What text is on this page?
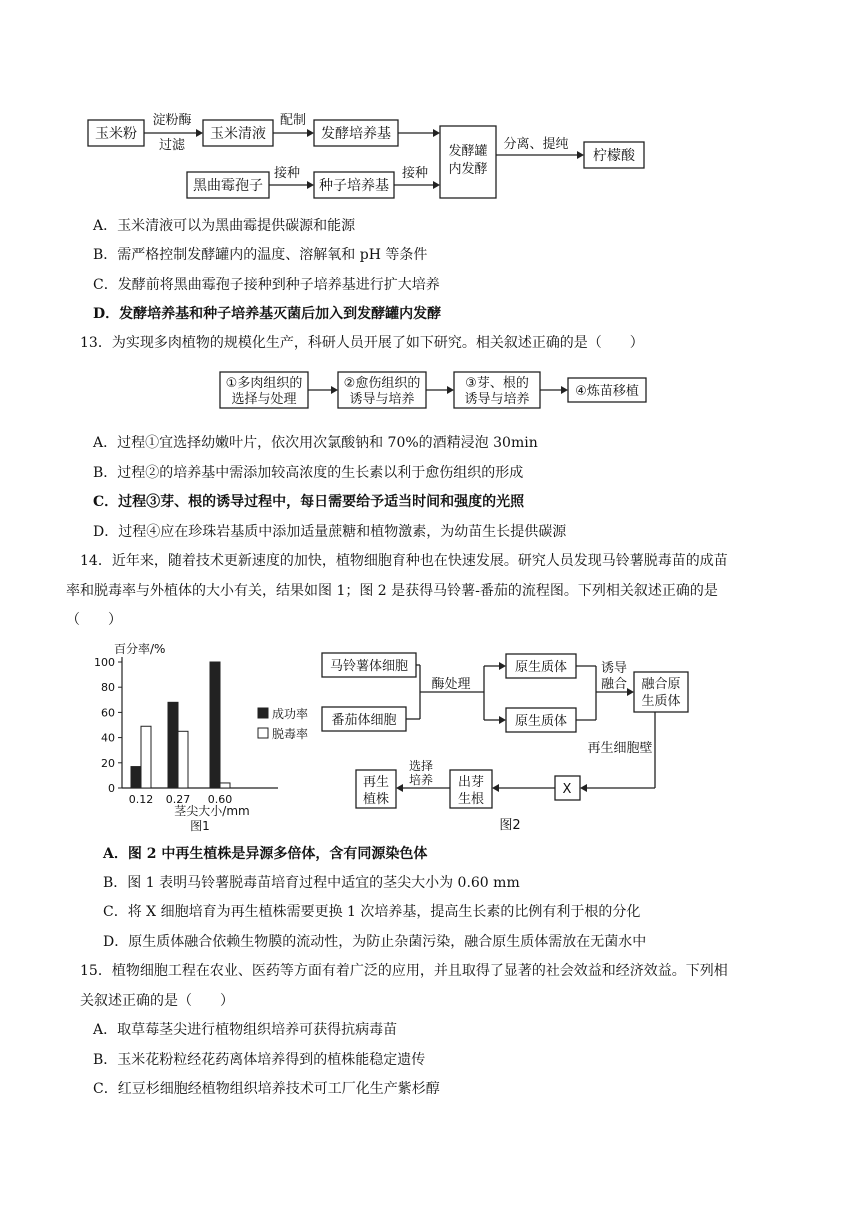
玉米粉
淀粉酶
过滤
玉米清液
配制
发酵培养基
发酵罐
内发酵
分离、提纯
柠檬酸
黑曲霉孢子
接种
种子培养基
接种
A．玉米清液可以为黑曲霉提供碳源和能源
B．需严格控制发酵罐内的温度、溶解氧和 pH 等条件
C．发酵前将黑曲霉孢子接种到种子培养基进行扩大培养
D．发酵培养基和种子培养基灭菌后加入到发酵罐内发酵
13．为实现多肉植物的规模化生产，科研人员开展了如下研究。相关叙述正确的是（　　）
①多肉组织的
选择与处理
②愈伤组织的
诱导与培养
③芽、根的
诱导与培养
④炼苗移植
A．过程①宜选择幼嫩叶片，依次用次氯酸钠和 70%的酒精浸泡 30min
B．过程②的培养基中需添加较高浓度的生长素以利于愈伤组织的形成
C．过程③芽、根的诱导过程中，每日需要给予适当时间和强度的光照
D．过程④应在珍珠岩基质中添加适量蔗糖和植物激素，为幼苗生长提供碳源
14．近年来，随着技术更新速度的加快，植物细胞育种也在快速发展。研究人员发现马铃薯脱毒苗的成苗
率和脱毒率与外植体的大小有关，结果如图 1；图 2 是获得马铃薯-番茄的流程图。下列相关叙述正确的是
（　　）
百分率/%
0
20
40
60
80
100
0.12 0.27 0.60
成功率
脱毒率
茎尖大小/mm
图1
马铃薯体细胞
番茄体细胞
酶处理
原生质体
原生质体
诱导
融合 融合原
生质体
再生细胞壁
X
出芽
生根
选择
培养
再生
植株
图2
A．图 2 中再生植株是异源多倍体，含有同源染色体
B．图 1 表明马铃薯脱毒苗培育过程中适宜的茎尖大小为 0.60 mm
C．将 X 细胞培育为再生植株需要更换 1 次培养基，提高生长素的比例有利于根的分化
D．原生质体融合依赖生物膜的流动性，为防止杂菌污染，融合原生质体需放在无菌水中
15．植物细胞工程在农业、医药等方面有着广泛的应用，并且取得了显著的社会效益和经济效益。下列相
关叙述正确的是（　　）
A．取草莓茎尖进行植物组织培养可获得抗病毒苗
B．玉米花粉粒经花药离体培养得到的植株能稳定遗传
C．红豆杉细胞经植物组织培养技术可工厂化生产紫杉醇
